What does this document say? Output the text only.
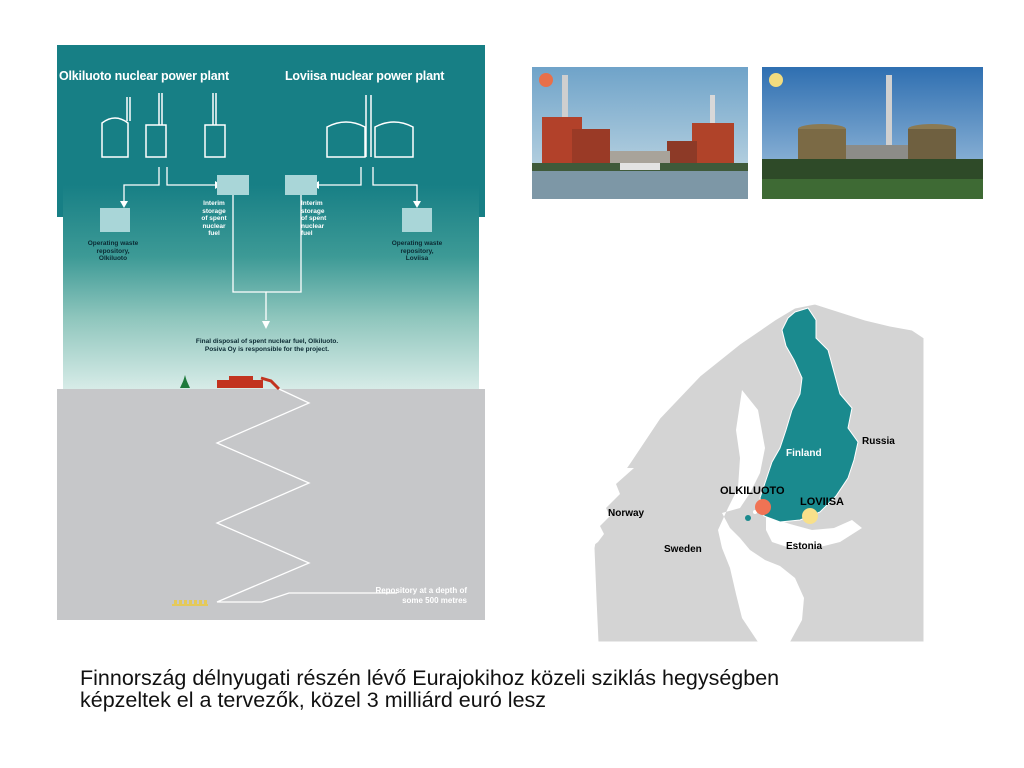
Olkiluoto nuclear power plant	Loviisa nuclear power plant
Interim
storage
of spent
nuclear
fuel
Interim
storage
of spent
nuclear
fuel
Operating waste
repository,
Olkiluoto
Operating waste
repository,
Loviisa
Final disposal of spent nuclear fuel, Olkiluoto.
Posiva Oy is responsible for the project.
Repository at a depth of
some 500 metres
Finland
Russia
Norway
Sweden	Estonia
OLKILUOTO
LOVIISA
Finnország délnyugati részén lévő Eurajokihoz közeli sziklás hegységben
képzeltek el a tervezők, közel 3 milliárd euró lesz
